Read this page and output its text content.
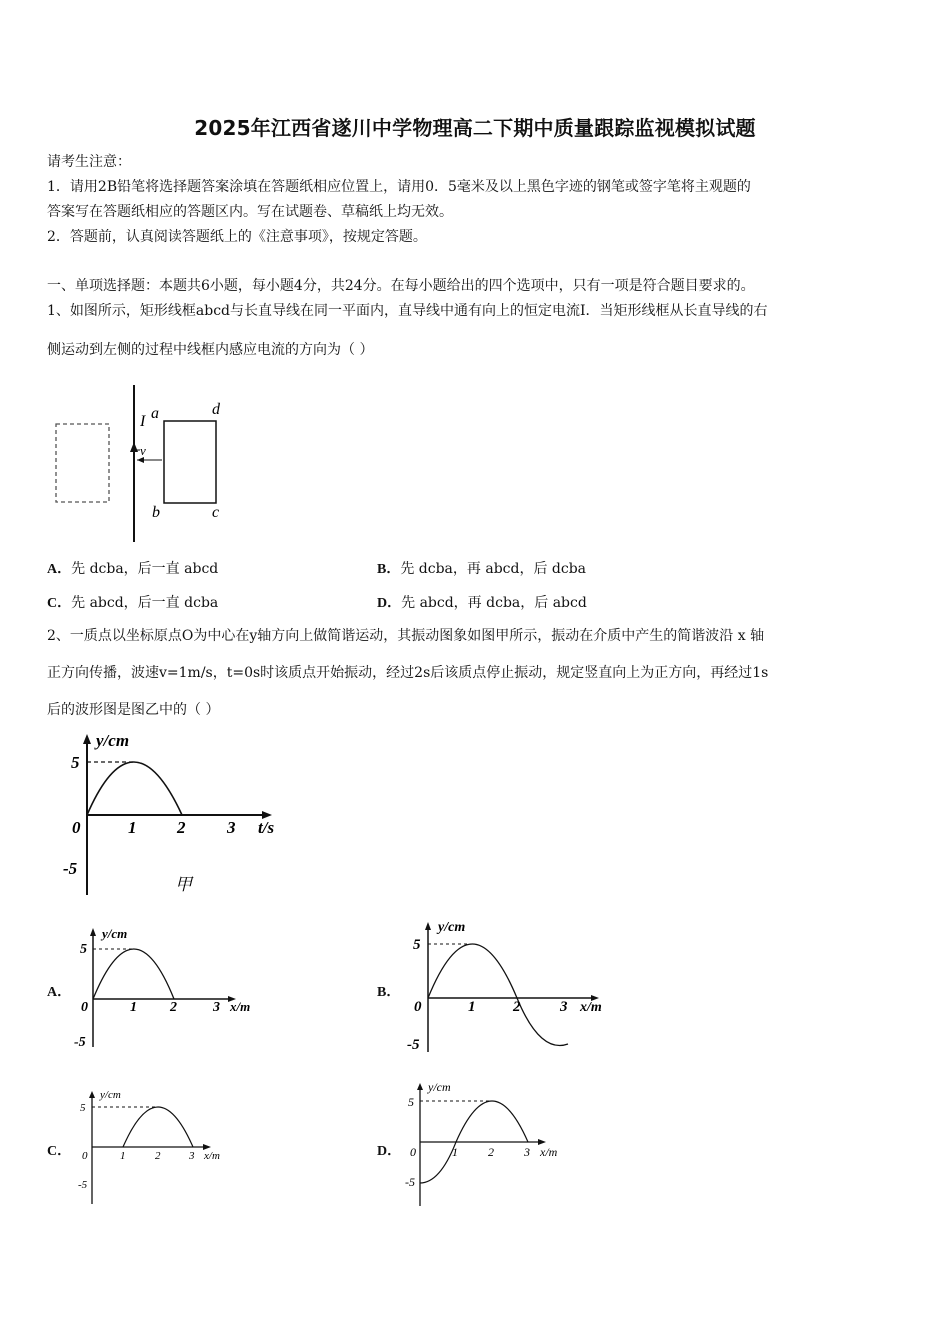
2025年江西省遂川中学物理高二下期中质量跟踪监视模拟试题
请考生注意：
1．请用2B铅笔将选择题答案涂填在答题纸相应位置上，请用0．5毫米及以上黑色字迹的钢笔或签字笔将主观题的
答案写在答题纸相应的答题区内。写在试题卷、草稿纸上均无效。
2．答题前，认真阅读答题纸上的《注意事项》，按规定答题。
一、单项选择题：本题共6小题，每小题4分，共24分。在每小题给出的四个选项中，只有一项是符合题目要求的。
1、如图所示，矩形线框abcd与长直导线在同一平面内，直导线中通有向上的恒定电流I．当矩形线框从长直导线的右
侧运动到左侧的过程中线框内感应电流的方向为（ ）
I
v
a	d
b	c
A．先 dcba，后一直 abcd	B．先 dcba，再 abcd，后 dcba
C．先 abcd，后一直 dcba	D．先 abcd，再 dcba，后 abcd
2、一质点以坐标原点O为中心在y轴方向上做简谐运动，其振动图象如图甲所示，振动在介质中产生的简谐波沿 x 轴
正方向传播，波速v=1m/s，t=0s时该质点开始振动，经过2s后该质点停止振动，规定竖直向上为正方向，再经过1s
后的波形图是图乙中的（ ）
y/cm
t/s
5
-5
0	1 2 3
甲
A．
y/cm
x/m
5
-5
0	1 2	3
B．
y/cm
x/m
5
-5
0	1	2	3
C．
y/cm
x/m
5
-5
0	1	2	3	D．
y/cm
x/m
5
-5
0	1	2	3
